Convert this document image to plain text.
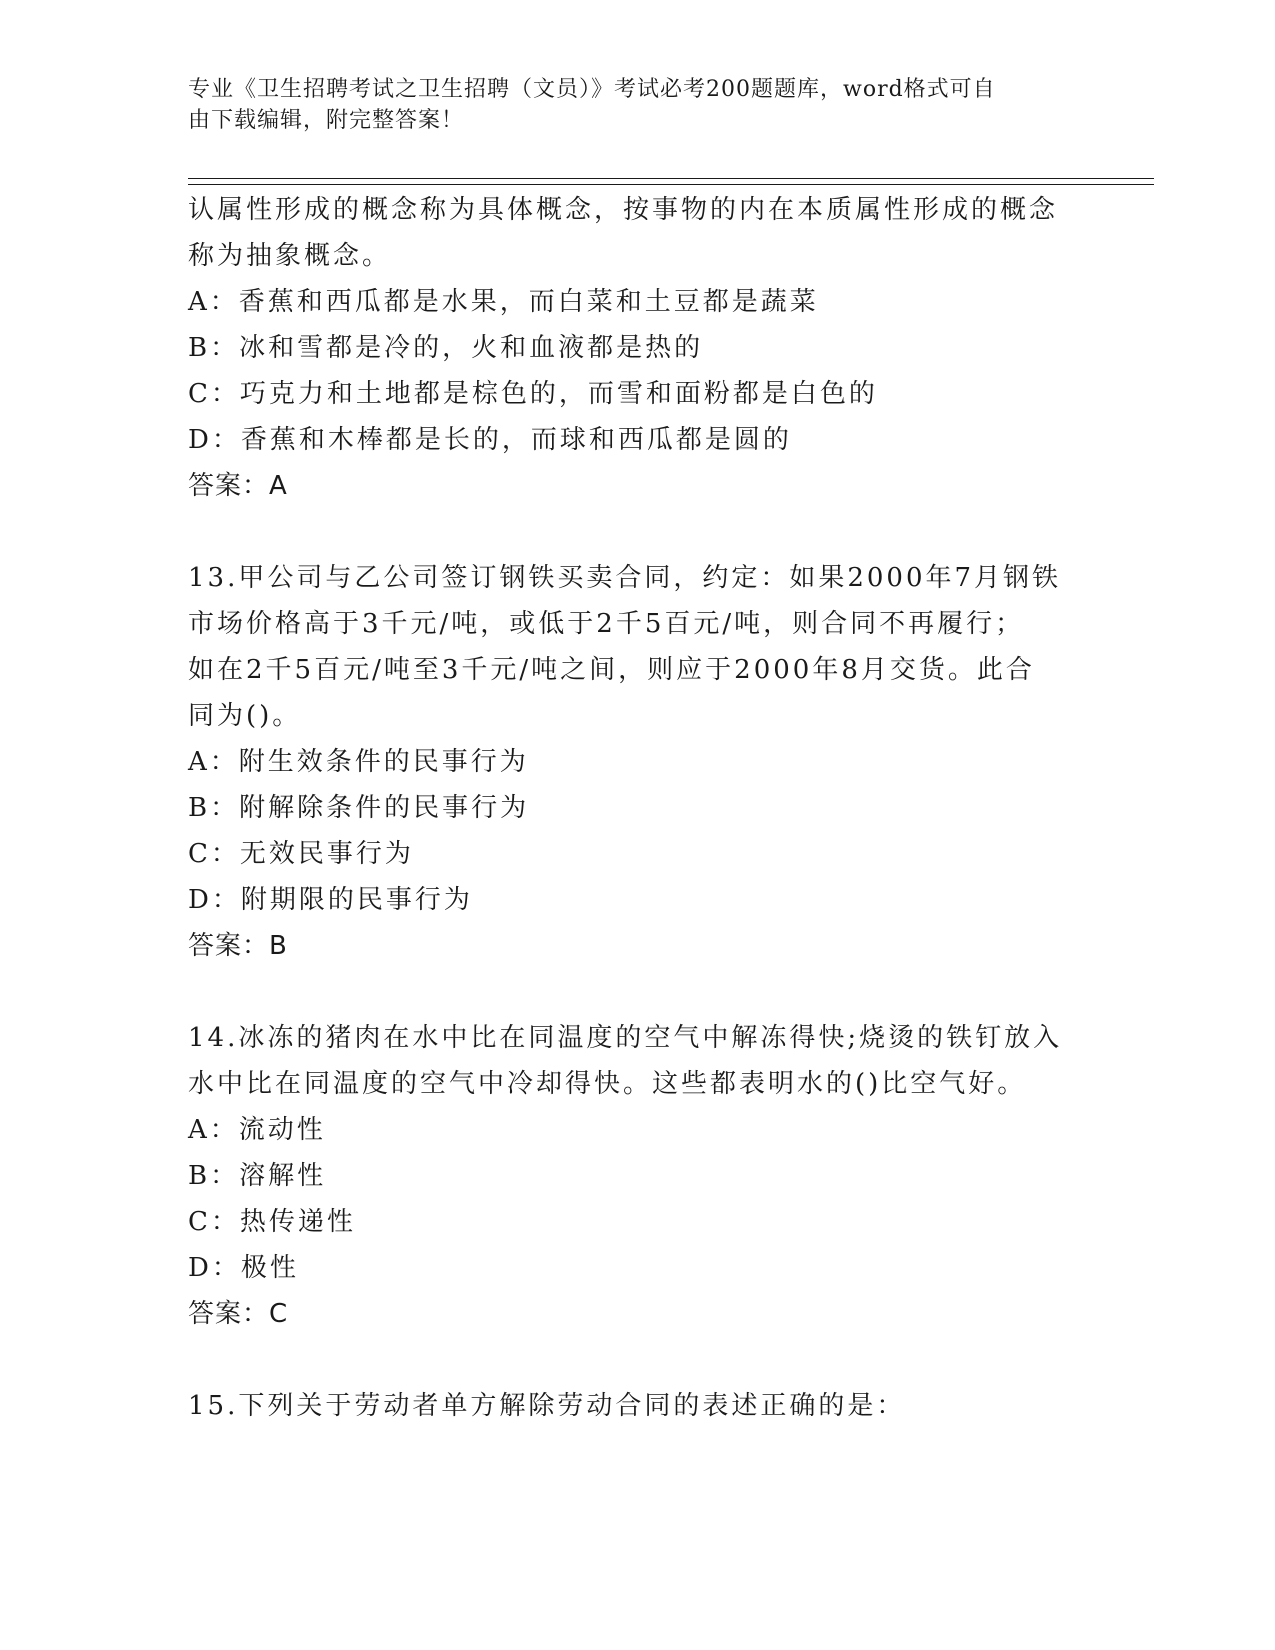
专业《卫生招聘考试之卫生招聘（文员）》考试必考200题题库，word格式可自
由下载编辑，附完整答案！
认属性形成的概念称为具体概念，按事物的内在本质属性形成的概念
称为抽象概念。
A：香蕉和西瓜都是水果，而白菜和土豆都是蔬菜
B：冰和雪都是冷的，火和血液都是热的
C：巧克力和土地都是棕色的，而雪和面粉都是白色的
D：香蕉和木棒都是长的，而球和西瓜都是圆的
答案：A
13.甲公司与乙公司签订钢铁买卖合同，约定：如果2000年7月钢铁
市场价格高于3千元/吨，或低于2千5百元/吨，则合同不再履行；
如在2千5百元/吨至3千元/吨之间，则应于2000年8月交货。此合
同为()。
A：附生效条件的民事行为
B：附解除条件的民事行为
C：无效民事行为
D：附期限的民事行为
答案：B
14.冰冻的猪肉在水中比在同温度的空气中解冻得快;烧烫的铁钉放入
水中比在同温度的空气中冷却得快。这些都表明水的()比空气好。
A：流动性
B：溶解性
C：热传递性
D：极性
答案：C
15.下列关于劳动者单方解除劳动合同的表述正确的是：
